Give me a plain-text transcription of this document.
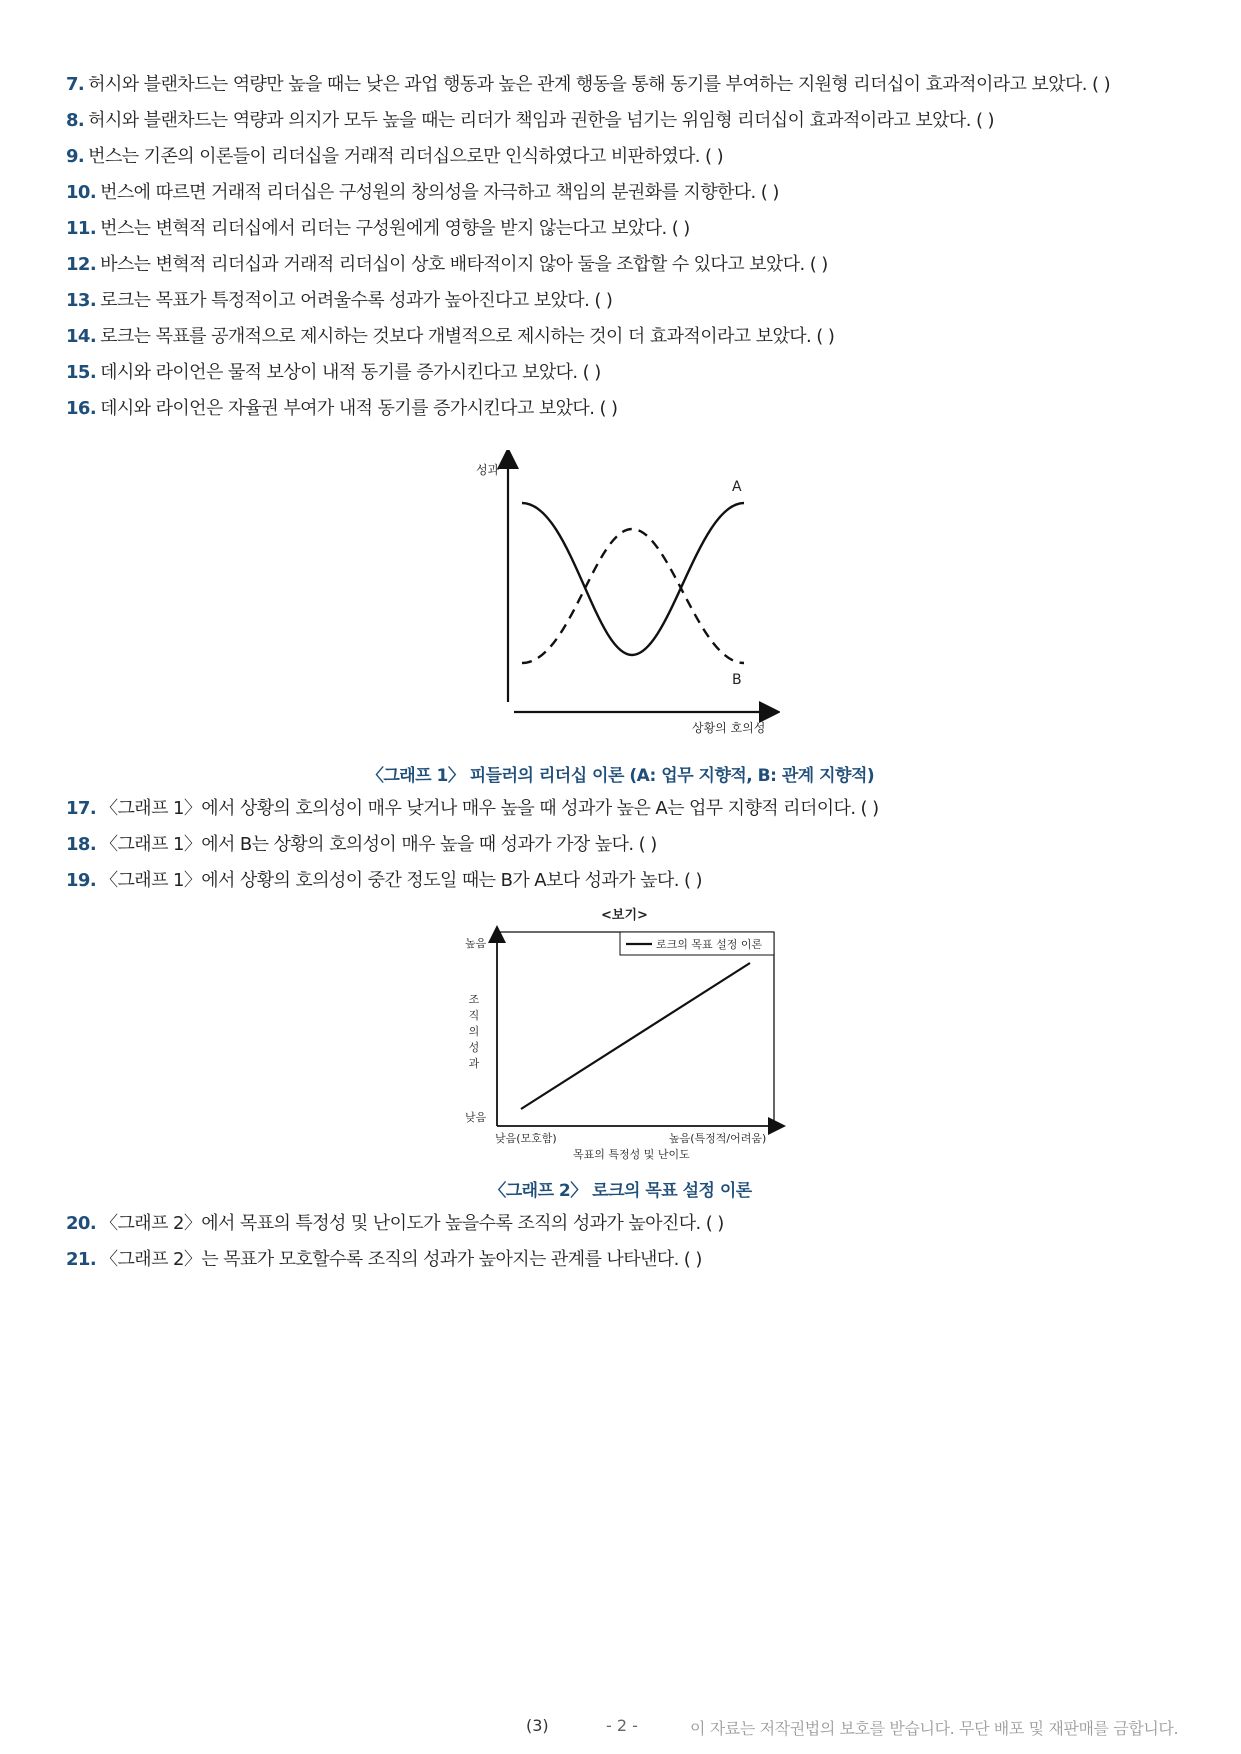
7. 허시와 블랜차드는 역량만 높을 때는 낮은 과업 행동과 높은 관계 행동을 통해 동기를 부여하는 지원형 리더십이 효과적이라고 보았다. ( )
8. 허시와 블랜차드는 역량과 의지가 모두 높을 때는 리더가 책임과 권한을 넘기는 위임형 리더십이 효과적이라고 보았다. ( )
9. 번스는 기존의 이론들이 리더십을 거래적 리더십으로만 인식하였다고 비판하였다. ( )
10. 번스에 따르면 거래적 리더십은 구성원의 창의성을 자극하고 책임의 분권화를 지향한다. ( )
11. 번스는 변혁적 리더십에서 리더는 구성원에게 영향을 받지 않는다고 보았다. ( )
12. 바스는 변혁적 리더십과 거래적 리더십이 상호 배타적이지 않아 둘을 조합할 수 있다고 보았다. ( )
13. 로크는 목표가 특정적이고 어려울수록 성과가 높아진다고 보았다. ( )
14. 로크는 목표를 공개적으로 제시하는 것보다 개별적으로 제시하는 것이 더 효과적이라고 보았다. ( )
15. 데시와 라이언은 물적 보상이 내적 동기를 증가시킨다고 보았다. ( )
16. 데시와 라이언은 자율권 부여가 내적 동기를 증가시킨다고 보았다. ( )
성과
A
B
상황의 호의성
〈그래프 1〉 피들러의 리더십 이론 (A: 업무 지향적, B: 관계 지향적)
17. 〈그래프 1〉에서 상황의 호의성이 매우 낮거나 매우 높을 때 성과가 높은 A는 업무 지향적 리더이다. ( )
18. 〈그래프 1〉에서 B는 상황의 호의성이 매우 높을 때 성과가 가장 높다. ( )
19. 〈그래프 1〉에서 상황의 호의성이 중간 정도일 때는 B가 A보다 성과가 높다. ( )
<보기>
로크의 목표 설정 이론
높음
낮음
조 직 의 성 과
낮음(모호함)	높음(특정적/어려움)
목표의 특정성 및 난이도
〈그래프 2〉 로크의 목표 설정 이론
20. 〈그래프 2〉에서 목표의 특정성 및 난이도가 높을수록 조직의 성과가 높아진다. ( )
21. 〈그래프 2〉는 목표가 모호할수록 조직의 성과가 높아지는 관계를 나타낸다. ( )
(3)	- 2 -	이 자료는 저작권법의 보호를 받습니다. 무단 배포 및 재판매를 금합니다.
